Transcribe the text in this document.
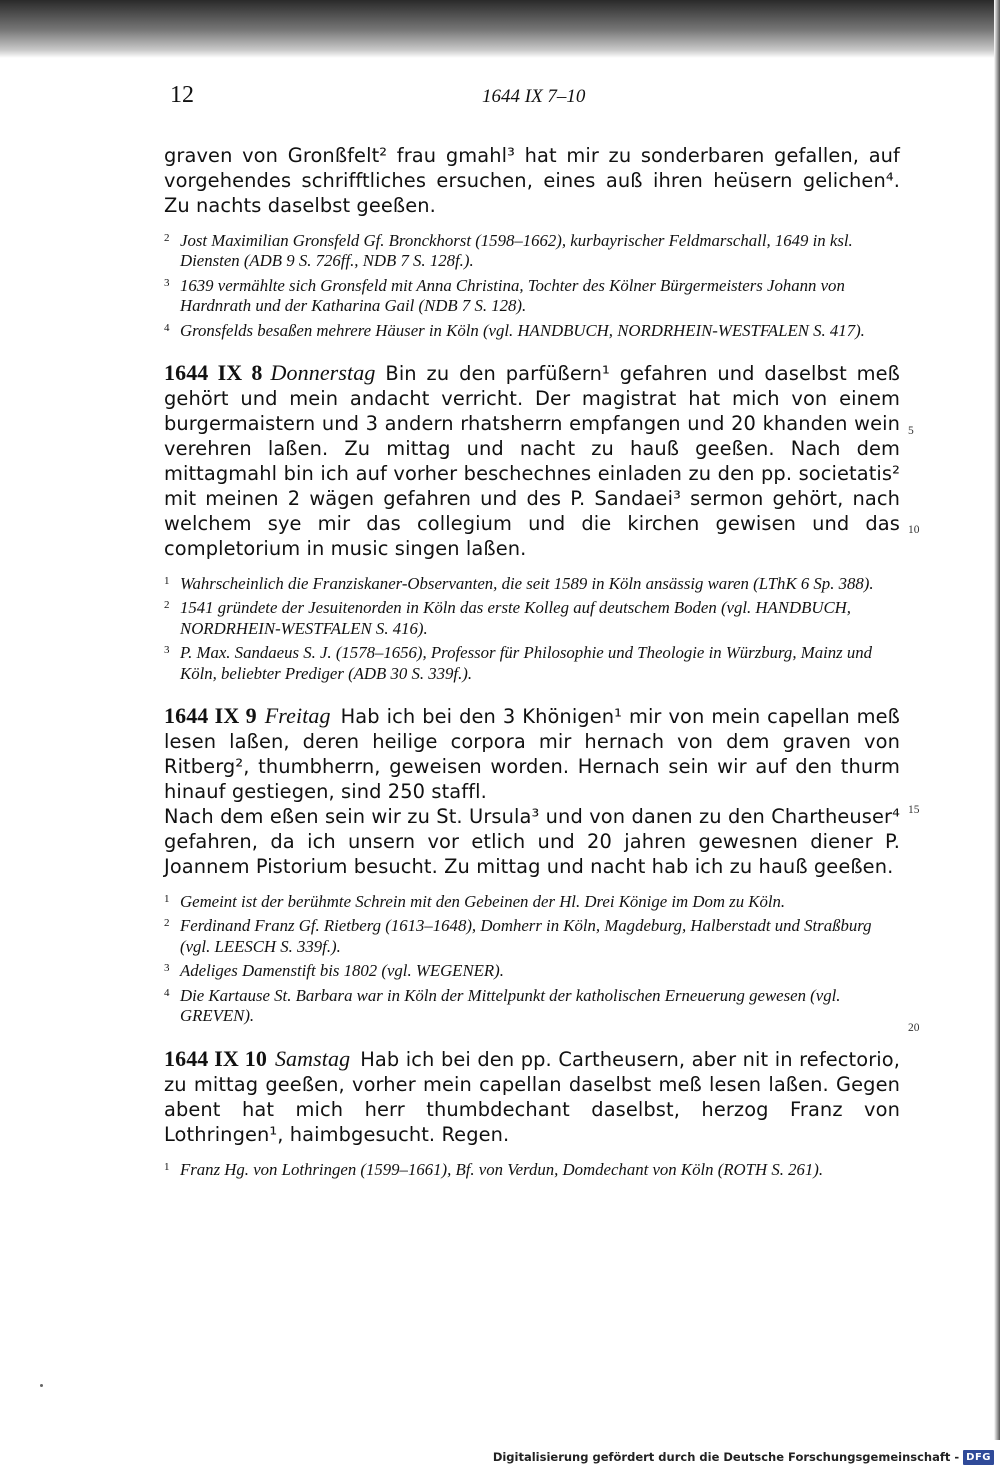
12	1644 IX 7–10

graven von Gronßfelt² frau gmahl³ hat mir zu sonderbaren gefallen, auf vorgehendes schrifftliches ersuchen, eines auß ihren heüsern gelichen⁴. Zu nachts daselbst geeßen.

2 Jost Maximilian Gronsfeld Gf. Bronckhorst (1598–1662), kurbayrischer Feldmarschall, 1649 in ksl. Diensten (ADB 9 S. 726ff., NDB 7 S. 128f.).
3 1639 vermählte sich Gronsfeld mit Anna Christina, Tochter des Kölner Bürgermeisters Johann von Hardnrath und der Katharina Gail (NDB 7 S. 128).
4 Gronsfelds besaßen mehrere Häuser in Köln (vgl. HANDBUCH, NORDRHEIN-WESTFALEN S. 417).

1644 IX 8 Donnerstag Bin zu den parfüßern¹ gefahren und daselbst meß gehört und mein andacht verricht. Der magistrat hat mich von einem burgermaistern und 3 andern rhatsherrn empfangen und 20 khanden wein verehren laßen. Zu mittag und nacht zu hauß geeßen. Nach dem mittagmahl bin ich auf vorher beschechnes einladen zu den pp. societatis² mit meinen 2 wägen gefahren und des P. Sandaei³ sermon gehört, nach welchem sye mir das collegium und die kirchen gewisen und das completorium in music singen laßen.

1 Wahrscheinlich die Franziskaner-Observanten, die seit 1589 in Köln ansässig waren (LThK 6 Sp. 388).
2 1541 gründete der Jesuitenorden in Köln das erste Kolleg auf deutschem Boden (vgl. HANDBUCH, NORDRHEIN-WESTFALEN S. 416).
3 P. Max. Sandaeus S. J. (1578–1656), Professor für Philosophie und Theologie in Würzburg, Mainz und Köln, beliebter Prediger (ADB 30 S. 339f.).

1644 IX 9 Freitag Hab ich bei den 3 Khönigen¹ mir von mein capellan meß lesen laßen, deren heilige corpora mir hernach von dem graven von Ritberg², thumbherrn, geweisen worden. Hernach sein wir auf den thurm hinauf gestiegen, sind 250 staffl.

Nach dem eßen sein wir zu St. Ursula³ und von danen zu den Chartheuser⁴ gefahren, da ich unsern vor etlich und 20 jahren gewesnen diener P. Joannem Pistorium besucht. Zu mittag und nacht hab ich zu hauß geeßen.

1 Gemeint ist der berühmte Schrein mit den Gebeinen der Hl. Drei Könige im Dom zu Köln.
2 Ferdinand Franz Gf. Rietberg (1613–1648), Domherr in Köln, Magdeburg, Halberstadt und Straßburg (vgl. LEESCH S. 339f.).
3 Adeliges Damenstift bis 1802 (vgl. WEGENER).
4 Die Kartause St. Barbara war in Köln der Mittelpunkt der katholischen Erneuerung gewesen (vgl. GREVEN).

1644 IX 10 Samstag Hab ich bei den pp. Cartheusern, aber nit in refectorio, zu mittag geeßen, vorher mein capellan daselbst meß lesen laßen. Gegen abent hat mich herr thumbdechant daselbst, herzog Franz von Lothringen¹, haimbgesucht. Regen.

1 Franz Hg. von Lothringen (1599–1661), Bf. von Verdun, Domdechant von Köln (ROTH S. 261).
5
10
15
20
Digitalisierung gefördert durch die Deutsche Forschungsgemeinschaft - DFG
